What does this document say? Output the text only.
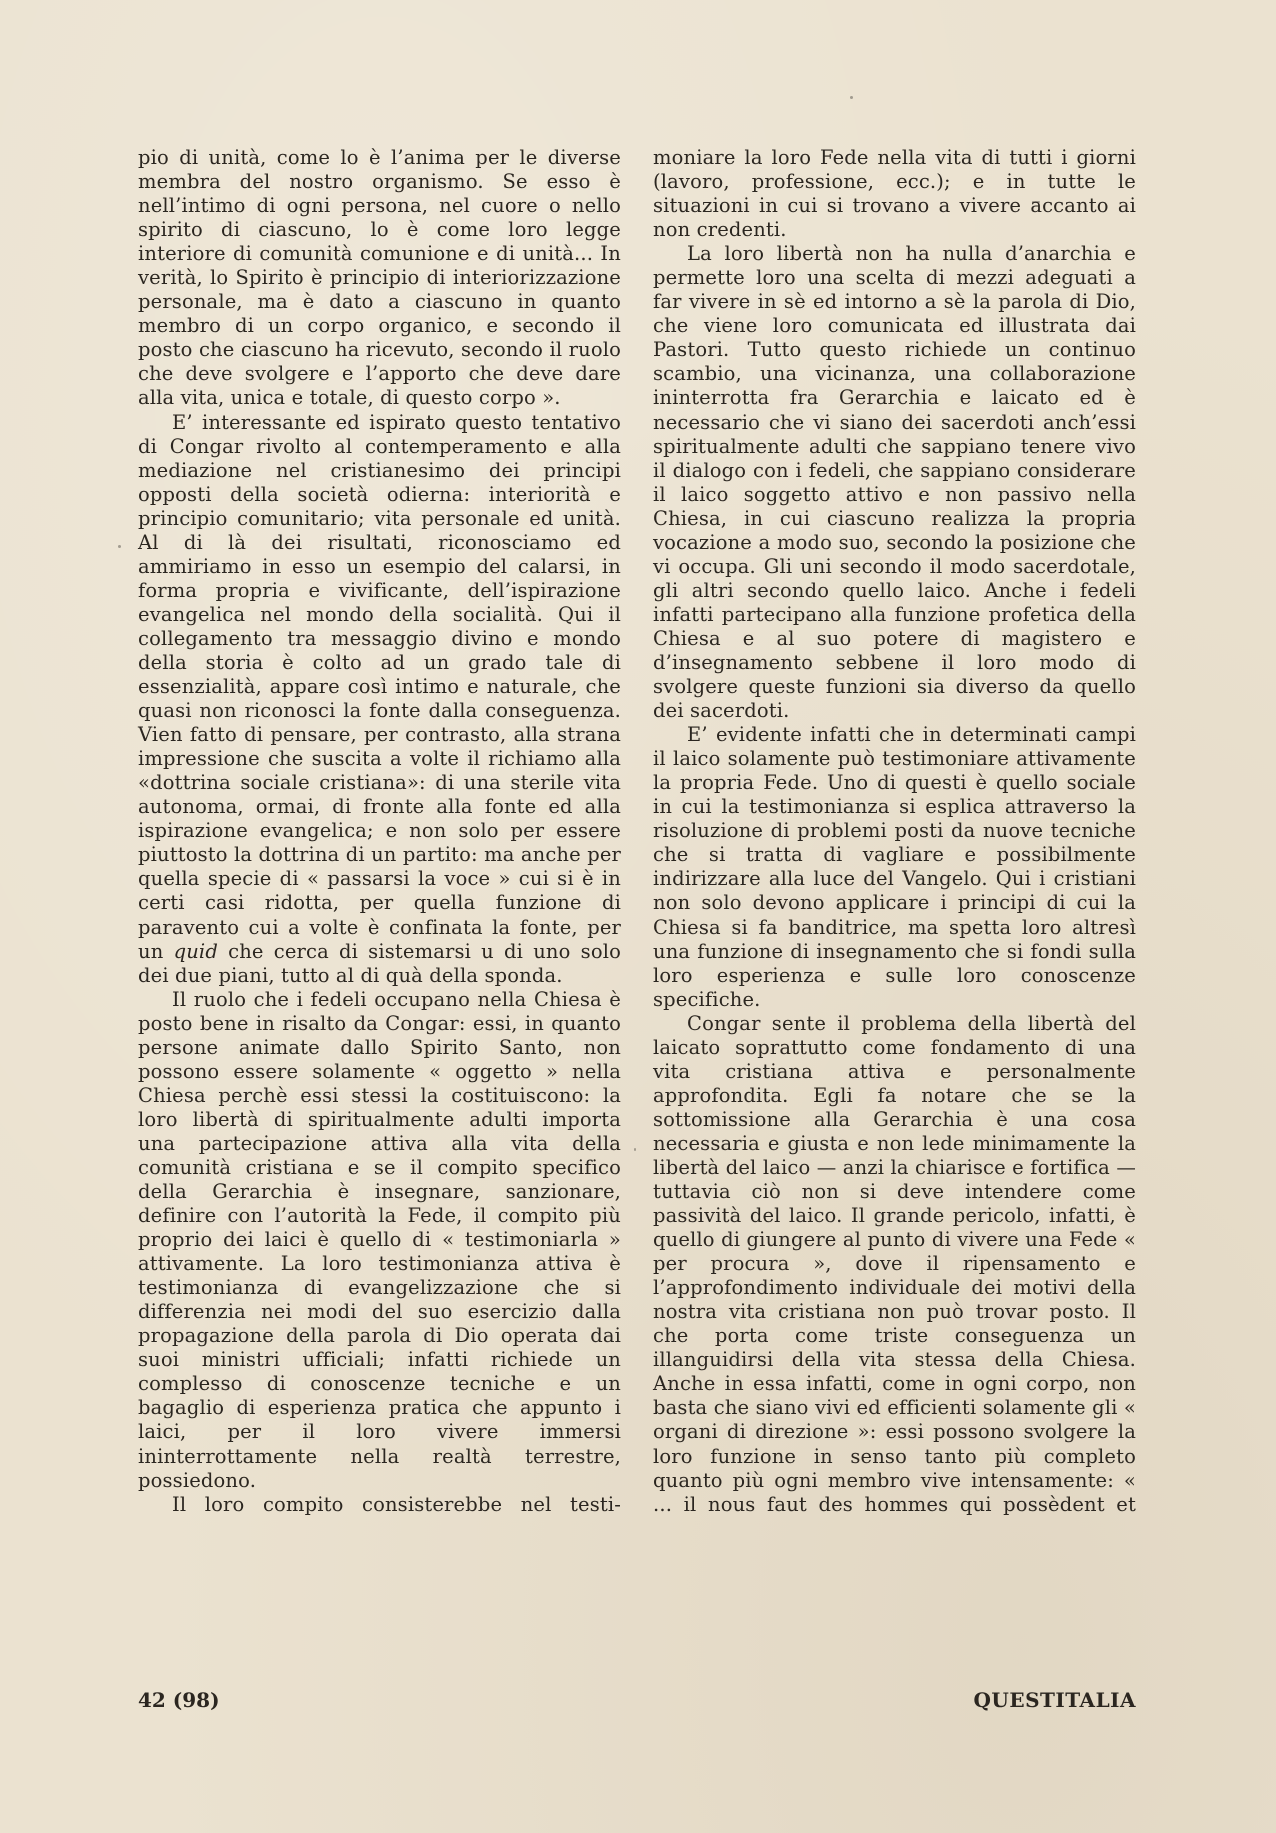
pio di unità, come lo è l’anima per le diverse membra del nostro organismo. Se esso è nell’intimo di ogni persona, nel cuore o nello spirito di ciascuno, lo è come loro legge interiore di comunità comunione e di unità... In verità, lo Spirito è principio di interiorizzazione personale, ma è dato a ciascuno in quanto membro di un corpo organico, e secondo il posto che ciascuno ha ricevuto, secondo il ruolo che deve svolgere e l’apporto che deve dare alla vita, unica e totale, di questo corpo ».

E’ interessante ed ispirato questo tentativo di Congar rivolto al contemperamento e alla mediazione nel cristianesimo dei principi opposti della società odierna: interiorità e principio comunitario; vita personale ed unità. Al di là dei risultati, riconosciamo ed ammiriamo in esso un esempio del calarsi, in forma propria e vivificante, dell’ispirazione evangelica nel mondo della socialità. Qui il collegamento tra messaggio divino e mondo della storia è colto ad un grado tale di essenzialità, appare così intimo e naturale, che quasi non riconosci la fonte dalla conseguenza. Vien fatto di pensare, per contrasto, alla strana impressione che suscita a volte il richiamo alla «dottrina sociale cristiana»: di una sterile vita autonoma, ormai, di fronte alla fonte ed alla ispirazione evangelica; e non solo per essere piuttosto la dottrina di un partito: ma anche per quella specie di « passarsi la voce » cui si è in certi casi ridotta, per quella funzione di paravento cui a volte è confinata la fonte, per un quid che cerca di sistemarsi u di uno solo dei due piani, tutto al di quà della sponda.

Il ruolo che i fedeli occupano nella Chiesa è posto bene in risalto da Congar: essi, in quanto persone animate dallo Spirito Santo, non possono essere solamente « oggetto » nella Chiesa perchè essi stessi la costituiscono: la loro libertà di spiritualmente adulti importa una partecipazione attiva alla vita della comunità cristiana e se il compito specifico della Gerarchia è insegnare, sanzionare, definire con l’autorità la Fede, il compito più proprio dei laici è quello di « testimoniarla » attivamente. La loro testimonianza attiva è testimonianza di evangelizzazione che si differenzia nei modi del suo esercizio dalla propagazione della parola di Dio operata dai suoi ministri ufficiali; infatti richiede un complesso di conoscenze tecniche e un bagaglio di esperienza pratica che appunto i laici, per il loro vivere immersi ininterrottamente nella realtà terrestre, possiedono.

Il loro compito consisterebbe nel testi-

moniare la loro Fede nella vita di tutti i giorni (lavoro, professione, ecc.); e in tutte le situazioni in cui si trovano a vivere accanto ai non credenti.

La loro libertà non ha nulla d’anarchia e permette loro una scelta di mezzi adeguati a far vivere in sè ed intorno a sè la parola di Dio, che viene loro comunicata ed illustrata dai Pastori. Tutto questo richiede un continuo scambio, una vicinanza, una collaborazione ininterrotta fra Gerarchia e laicato ed è necessario che vi siano dei sacerdoti anch’essi spiritualmente adulti che sappiano tenere vivo il dialogo con i fedeli, che sappiano considerare il laico soggetto attivo e non passivo nella Chiesa, in cui ciascuno realizza la propria vocazione a modo suo, secondo la posizione che vi occupa. Gli uni secondo il modo sacerdotale, gli altri secondo quello laico. Anche i fedeli infatti partecipano alla funzione profetica della Chiesa e al suo potere di magistero e d’insegnamento sebbene il loro modo di svolgere queste funzioni sia diverso da quello dei sacerdoti.

E’ evidente infatti che in determinati campi il laico solamente può testimoniare attivamente la propria Fede. Uno di questi è quello sociale in cui la testimonianza si esplica attraverso la risoluzione di problemi posti da nuove tecniche che si tratta di vagliare e possibilmente indirizzare alla luce del Vangelo. Qui i cristiani non solo devono applicare i principi di cui la Chiesa si fa banditrice, ma spetta loro altresì una funzione di insegnamento che si fondi sulla loro esperienza e sulle loro conoscenze specifiche.

Congar sente il problema della libertà del laicato soprattutto come fondamento di una vita cristiana attiva e personalmente approfondita. Egli fa notare che se la sottomissione alla Gerarchia è una cosa necessaria e giusta e non lede minimamente la libertà del laico — anzi la chiarisce e fortifica — tuttavia ciò non si deve intendere come passività del laico. Il grande pericolo, infatti, è quello di giungere al punto di vivere una Fede « per procura », dove il ripensamento e l’approfondimento individuale dei motivi della nostra vita cristiana non può trovar posto. Il che porta come triste conseguenza un illanguidirsi della vita stessa della Chiesa. Anche in essa infatti, come in ogni corpo, non basta che siano vivi ed efficienti solamente gli « organi di direzione »: essi possono svolgere la loro funzione in senso tanto più completo quanto più ogni membro vive intensamente: « ... il nous faut des hommes qui possèdent et

42 (98)	QUESTITALIA
